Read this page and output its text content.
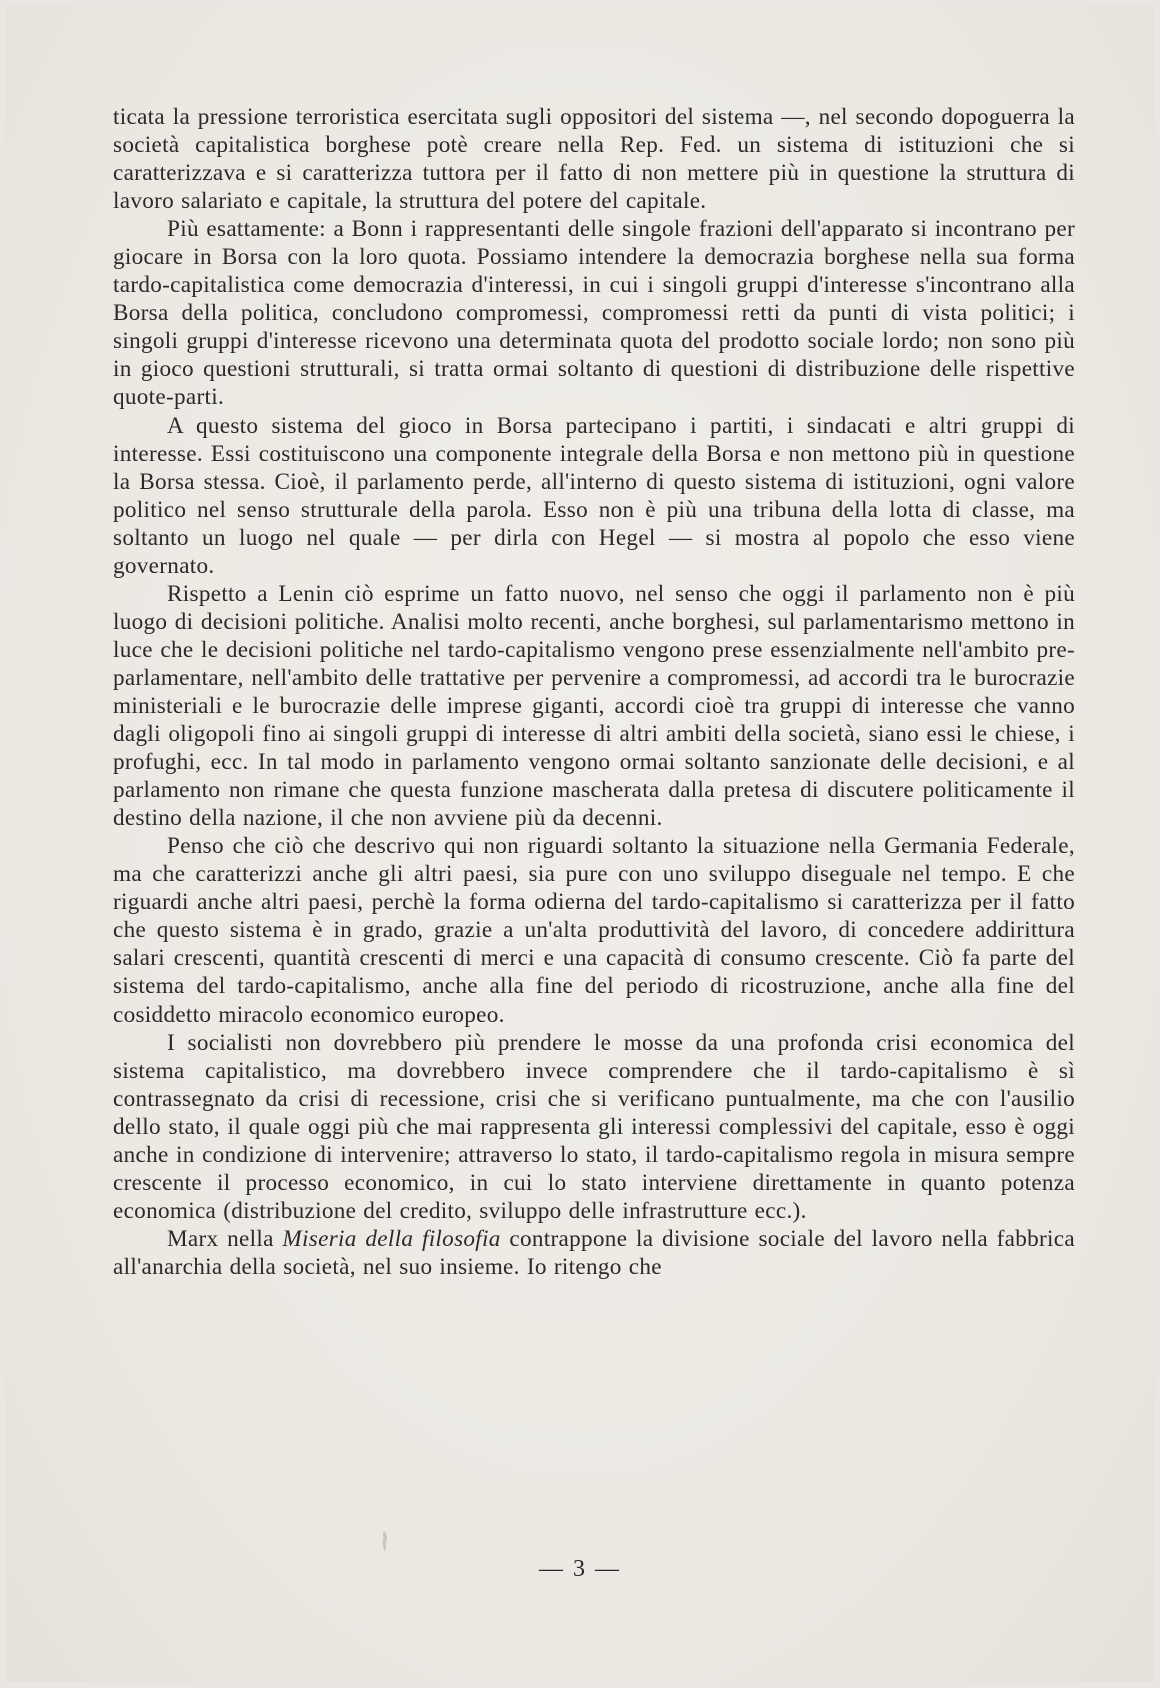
ticata la pressione terroristica esercitata sugli oppositori del sistema —, nel secondo dopoguerra la società capitalistica borghese potè creare nella Rep. Fed. un sistema di istituzioni che si caratterizzava e si caratterizza tuttora per il fatto di non mettere più in questione la struttura di lavoro salariato e capitale, la struttura del potere del capitale.

Più esattamente: a Bonn i rappresentanti delle singole frazioni dell'apparato si incontrano per giocare in Borsa con la loro quota. Possiamo intendere la democrazia borghese nella sua forma tardo-capitalistica come democrazia d'interessi, in cui i singoli gruppi d'interesse s'incontrano alla Borsa della politica, concludono compromessi, compromessi retti da punti di vista politici; i singoli gruppi d'interesse ricevono una determinata quota del prodotto sociale lordo; non sono più in gioco questioni strutturali, si tratta ormai soltanto di questioni di distribuzione delle rispettive quote-parti.

A questo sistema del gioco in Borsa partecipano i partiti, i sindacati e altri gruppi di interesse. Essi costituiscono una componente integrale della Borsa e non mettono più in questione la Borsa stessa. Cioè, il parlamento perde, all'interno di questo sistema di istituzioni, ogni valore politico nel senso strutturale della parola. Esso non è più una tribuna della lotta di classe, ma soltanto un luogo nel quale — per dirla con Hegel — si mostra al popolo che esso viene governato.

Rispetto a Lenin ciò esprime un fatto nuovo, nel senso che oggi il parlamento non è più luogo di decisioni politiche. Analisi molto recenti, anche borghesi, sul parlamentarismo mettono in luce che le decisioni politiche nel tardo-capitalismo vengono prese essenzialmente nell'ambito pre-parlamentare, nell'ambito delle trattative per pervenire a compromessi, ad accordi tra le burocrazie ministeriali e le burocrazie delle imprese giganti, accordi cioè tra gruppi di interesse che vanno dagli oligopoli fino ai singoli gruppi di interesse di altri ambiti della società, siano essi le chiese, i profughi, ecc. In tal modo in parlamento vengono ormai soltanto sanzionate delle decisioni, e al parlamento non rimane che questa funzione mascherata dalla pretesa di discutere politicamente il destino della nazione, il che non avviene più da decenni.

Penso che ciò che descrivo qui non riguardi soltanto la situazione nella Germania Federale, ma che caratterizzi anche gli altri paesi, sia pure con uno sviluppo diseguale nel tempo. E che riguardi anche altri paesi, perchè la forma odierna del tardo-capitalismo si caratterizza per il fatto che questo sistema è in grado, grazie a un'alta produttività del lavoro, di concedere addirittura salari crescenti, quantità crescenti di merci e una capacità di consumo crescente. Ciò fa parte del sistema del tardo-capitalismo, anche alla fine del periodo di ricostruzione, anche alla fine del cosiddetto miracolo economico europeo.

I socialisti non dovrebbero più prendere le mosse da una profonda crisi economica del sistema capitalistico, ma dovrebbero invece comprendere che il tardo-capitalismo è sì contrassegnato da crisi di recessione, crisi che si verificano puntualmente, ma che con l'ausilio dello stato, il quale oggi più che mai rappresenta gli interessi complessivi del capitale, esso è oggi anche in condizione di intervenire; attraverso lo stato, il tardo-capitalismo regola in misura sempre crescente il processo economico, in cui lo stato interviene direttamente in quanto potenza economica (distribuzione del credito, sviluppo delle infrastrutture ecc.).

Marx nella Miseria della filosofia contrappone la divisione sociale del lavoro nella fabbrica all'anarchia della società, nel suo insieme. Io ritengo che

— 3 —
